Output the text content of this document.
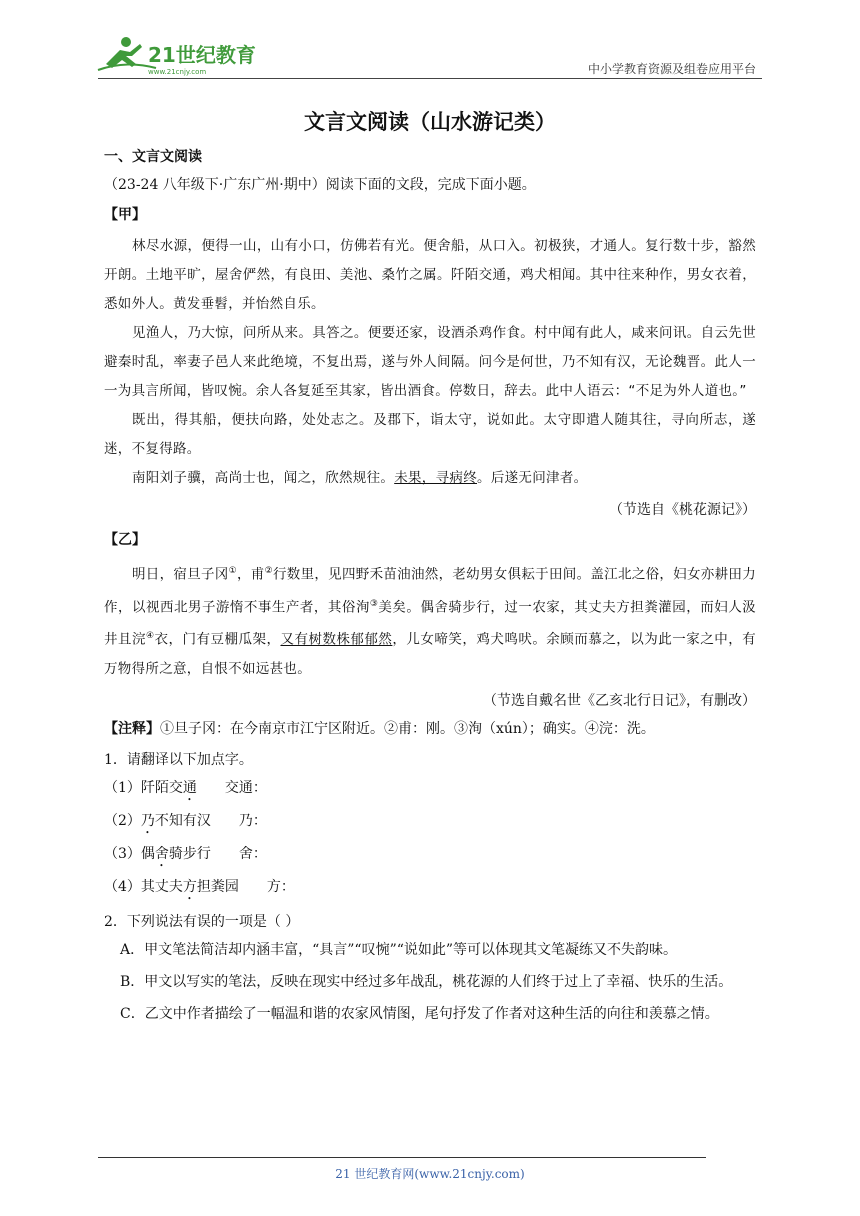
21世纪教育
www.21cnjy.com	中小学教育资源及组卷应用平台
文言文阅读（山水游记类）

一、文言文阅读

（23-24 八年级下·广东广州·期中）阅读下面的文段，完成下面小题。

【甲】

林尽水源，便得一山，山有小口，仿佛若有光。便舍船，从口入。初极狭，才通人。复行数十步，豁然开朗。土地平旷，屋舍俨然，有良田、美池、桑竹之属。阡陌交通，鸡犬相闻。其中往来种作，男女衣着，悉如外人。黄发垂髫，并怡然自乐。

见渔人，乃大惊，问所从来。具答之。便要还家，设酒杀鸡作食。村中闻有此人，咸来问讯。自云先世避秦时乱，率妻子邑人来此绝境，不复出焉，遂与外人间隔。问今是何世，乃不知有汉，无论魏晋。此人一一为具言所闻，皆叹惋。余人各复延至其家，皆出酒食。停数日，辞去。此中人语云：“不足为外人道也。”

既出，得其船，便扶向路，处处志之。及郡下，诣太守，说如此。太守即遣人随其往，寻向所志，遂迷，不复得路。

南阳刘子骥，高尚士也，闻之，欣然规往。未果，寻病终。后遂无问津者。

（节选自《桃花源记》）

【乙】

明日，宿旦子冈①，甫②行数里，见四野禾苗油油然，老幼男女俱耘于田间。盖江北之俗，妇女亦耕田力作，以视西北男子游惰不事生产者，其俗洵③美矣。偶舍骑步行，过一农家，其丈夫方担粪灌园，而妇人汲井且浣④衣，门有豆棚瓜架，又有树数株郁郁然，儿女啼笑，鸡犬鸣吠。余顾而慕之，以为此一家之中，有万物得所之意，自恨不如远甚也。

（节选自戴名世《乙亥北行日记》，有删改）

【注释】①旦子冈：在今南京市江宁区附近。②甫：刚。③洵（xún）；确实。④浣：洗。

1．请翻译以下加点字。

（1）阡陌交通 交通：

（2）乃不知有汉 乃：

（3）偶舍骑步行 舍：

（4）其丈夫方担粪园 方：

2．下列说法有误的一项是（ ）

A．甲文笔法简洁却内涵丰富，“具言”“叹惋”“说如此”等可以体现其文笔凝练又不失韵味。

B．甲文以写实的笔法，反映在现实中经过多年战乱，桃花源的人们终于过上了幸福、快乐的生活。

C．乙文中作者描绘了一幅温和谐的农家风情图，尾句抒发了作者对这种生活的向往和羡慕之情。

21 世纪教育网(www.21cnjy.com)
